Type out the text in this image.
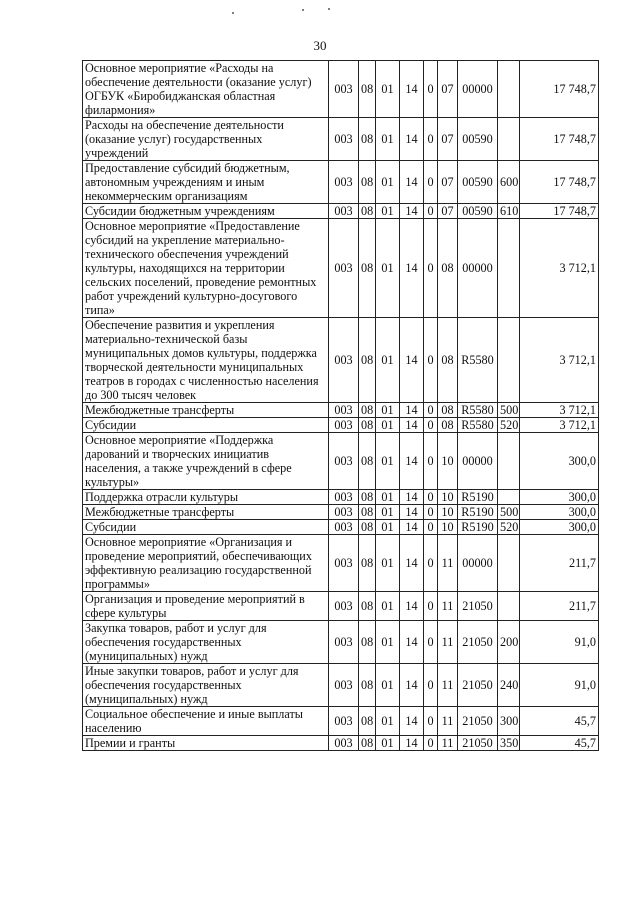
30
Основное мероприятие «Расходы на обеспечение деятельности (оказание услуг) ОГБУК «Биробиджанская областная филармония»	003	08	01	14	0	07	00000		17 748,7
Расходы на обеспечение деятельности (оказание услуг) государственных учреждений	003	08	01	14	0	07	00590		17 748,7
Предоставление субсидий бюджетным, автономным учреждениям и иным некоммерческим организациям	003	08	01	14	0	07	00590	600	17 748,7
Субсидии бюджетным учреждениям	003	08	01	14	0	07	00590	610	17 748,7
Основное мероприятие «Предоставление субсидий на укрепление материально-технического обеспечения учреждений культуры, находящихся на территории сельских поселений, проведение ремонтных работ учреждений культурно-досугового типа»	003	08	01	14	0	08	00000		3 712,1
Обеспечение развития и укрепления материально-технической базы муниципальных домов культуры, поддержка творческой деятельности муниципальных театров в городах с численностью населения до 300 тысяч человек	003	08	01	14	0	08	R5580		3 712,1
Межбюджетные трансферты	003	08	01	14	0	08	R5580	500	3 712,1
Субсидии	003	08	01	14	0	08	R5580	520	3 712,1
Основное мероприятие «Поддержка дарований и творческих инициатив населения, а также учреждений в сфере культуры»	003	08	01	14	0	10	00000		300,0
Поддержка отрасли культуры	003	08	01	14	0	10	R5190		300,0
Межбюджетные трансферты	003	08	01	14	0	10	R5190	500	300,0
Субсидии	003	08	01	14	0	10	R5190	520	300,0
Основное мероприятие «Организация и проведение мероприятий, обеспечивающих эффективную реализацию государственной программы»	003	08	01	14	0	11	00000		211,7
Организация и проведение мероприятий в сфере культуры	003	08	01	14	0	11	21050		211,7
Закупка товаров, работ и услуг для обеспечения государственных (муниципальных) нужд	003	08	01	14	0	11	21050	200	91,0
Иные закупки товаров, работ и услуг для обеспечения государственных (муниципальных) нужд	003	08	01	14	0	11	21050	240	91,0
Социальное обеспечение и иные выплаты населению	003	08	01	14	0	11	21050	300	45,7
Премии и гранты	003	08	01	14	0	11	21050	350	45,7
